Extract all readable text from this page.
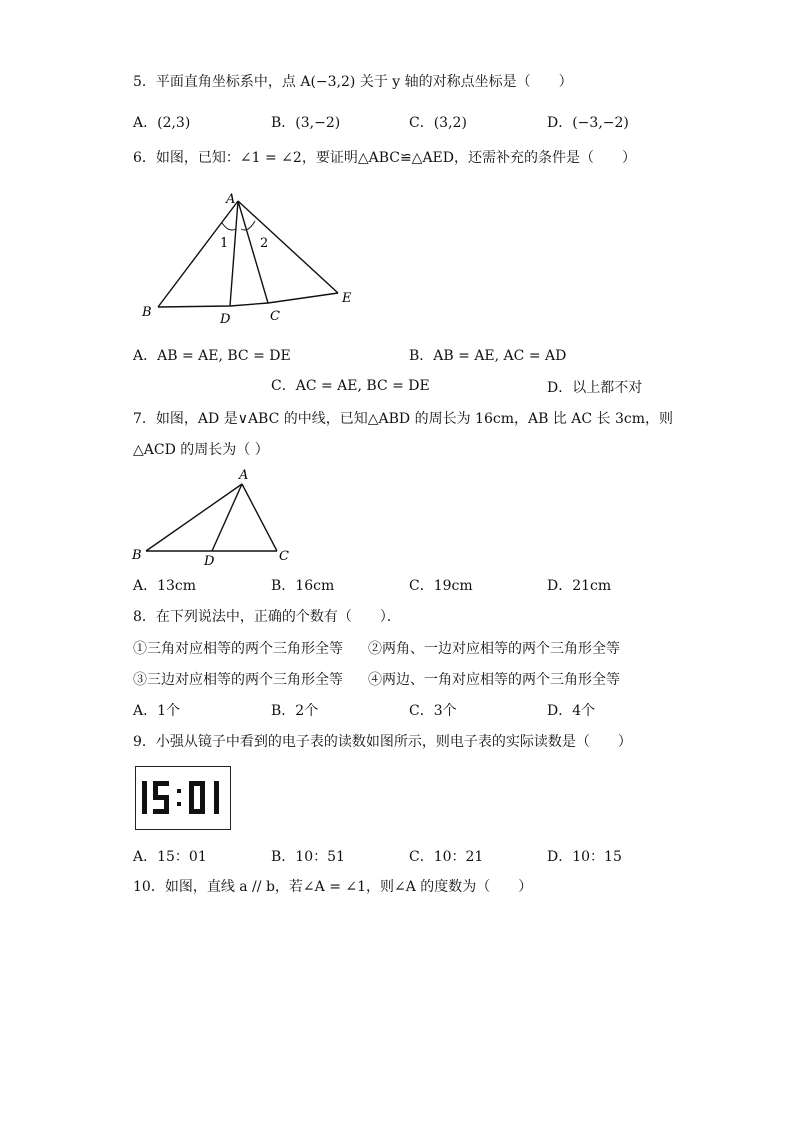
5．平面直角坐标系中，点 A(−3,2) 关于 y 轴的对称点坐标是（　　）
A．(2,3)	B．(3,−2)	C．(3,2)	D．(−3,−2)
6．如图，已知：∠1 = ∠2，要证明△ABC≌△AED，还需补充的条件是（　　）
A
1 2
B	D	C
E
A．AB = AE, BC = DE	B．AB = AE, AC = AD
C．AC = AE, BC = DE	D．以上都不对
7．如图，AD 是∨ABC 的中线，已知△ABD 的周长为 16cm，AB 比 AC 长 3cm，则
△ACD 的周长为（ ）
A
B	D	C
A．13cm	B．16cm	C．19cm	D．21cm
8．在下列说法中，正确的个数有（　　）．
①三角对应相等的两个三角形全等 ②两角、一边对应相等的两个三角形全等
③三边对应相等的两个三角形全等 ④两边、一角对应相等的两个三角形全等
A．1个	B．2个	C．3个	D．4个
9．小强从镜子中看到的电子表的读数如图所示，则电子表的实际读数是（　　）
A．15：01	B．10：51	C．10：21	D．10：15
10．如图，直线 a // b，若∠A = ∠1，则∠A 的度数为（　　）
